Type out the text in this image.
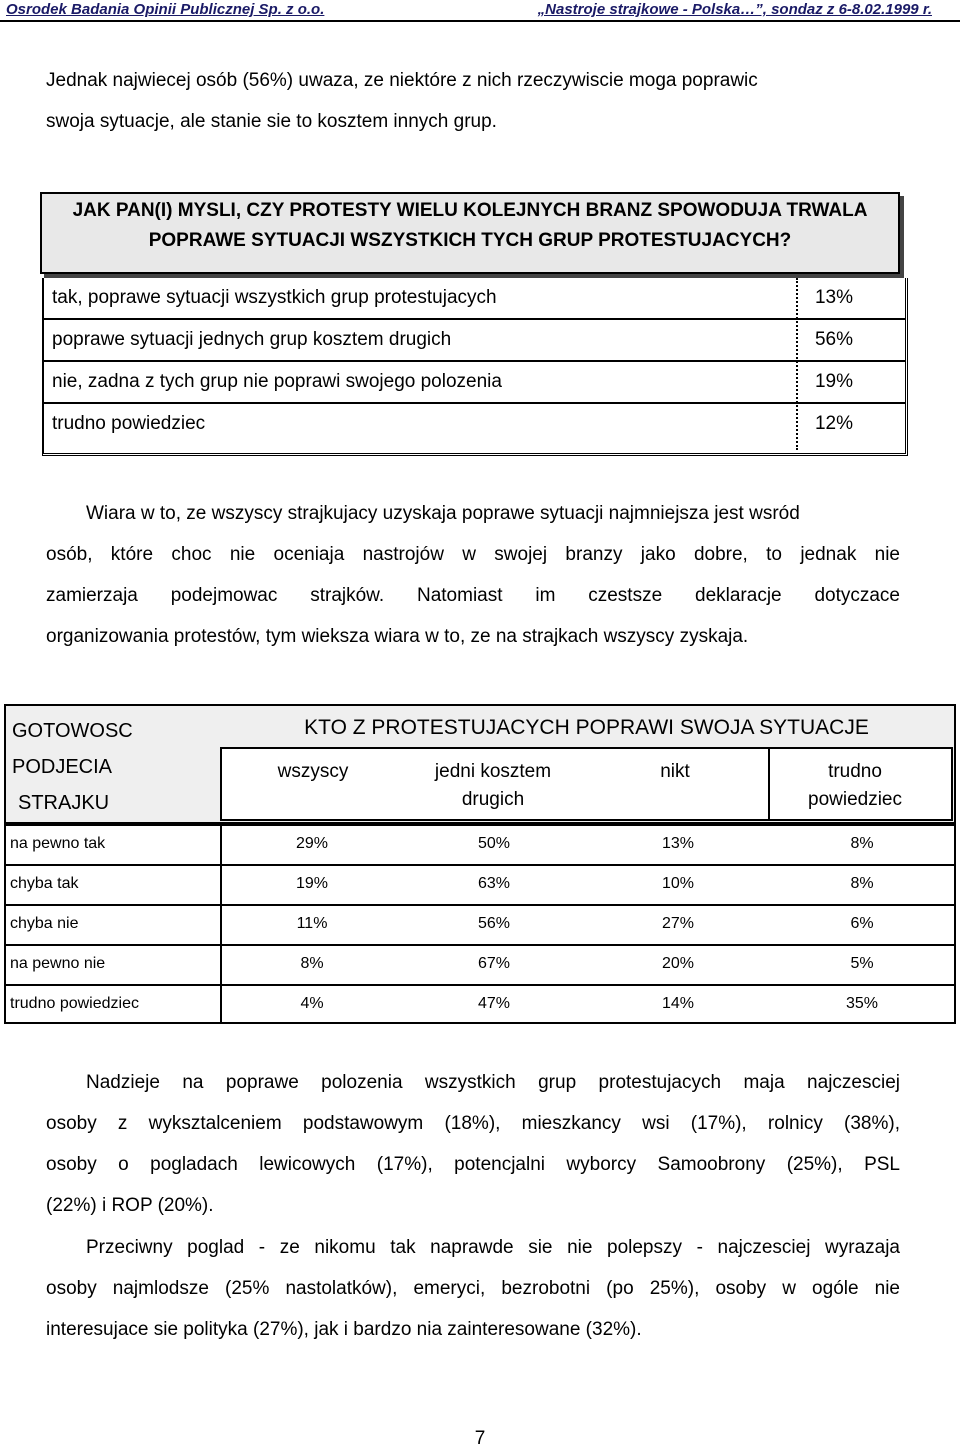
Osrodek Badania Opinii Publicznej Sp. z o.o.	„Nastroje strajkowe - Polska…”, sondaz z 6-8.02.1999 r.
Jednak najwiecej osób (56%) uwaza, ze niektóre z nich rzeczywiscie moga poprawic
swoja sytuacje, ale stanie sie to kosztem innych grup.
JAK PAN(I) MYSLI, CZY PROTESTY WIELU KOLEJNYCH BRANZ SPOWODUJA TRWALA POPRAWE SYTUACJI WSZYSTKICH TYCH GRUP PROTESTUJACYCH?
tak, poprawe sytuacji wszystkich grup protestujacych	13%
poprawe sytuacji jednych grup kosztem drugich	56%
nie, zadna z tych grup nie poprawi swojego polozenia	19%
trudno powiedziec	12%
Wiara w to, ze wszyscy strajkujacy uzyskaja poprawe sytuacji najmniejsza jest wsród
osób, które choc nie oceniaja nastrojów w swojej branzy jako dobre, to jednak nie
zamierzaja podejmowac strajków. Natomiast im czestsze deklaracje dotyczace
organizowania protestów, tym wieksza wiara w to, ze na strajkach wszyscy zyskaja.
KTO Z PROTESTUJACYCH POPRAWI SWOJA SYTUACJE
GOTOWOSC
PODJECIA
STRAJKU
wszyscy	jedni kosztem drugich
nikt	trudno powiedziec
na pewno tak	29%	50%	13%	8%
chyba tak	19%	63%	10%	8%
chyba nie	11%	56%	27%	6%
na pewno nie	8%	67%	20%	5%
trudno powiedziec	4%	47%	14%	35%
Nadzieje na poprawe polozenia wszystkich grup protestujacych maja najczesciej
osoby z wyksztalceniem podstawowym (18%), mieszkancy wsi (17%), rolnicy (38%),
osoby o pogladach lewicowych (17%), potencjalni wyborcy Samoobrony (25%), PSL
(22%) i ROP (20%).
Przeciwny poglad - ze nikomu tak naprawde sie nie polepszy - najczesciej wyrazaja
osoby najmlodsze (25% nastolatków), emeryci, bezrobotni (po 25%), osoby w ogóle nie
interesujace sie polityka (27%), jak i bardzo nia zainteresowane (32%).
7
